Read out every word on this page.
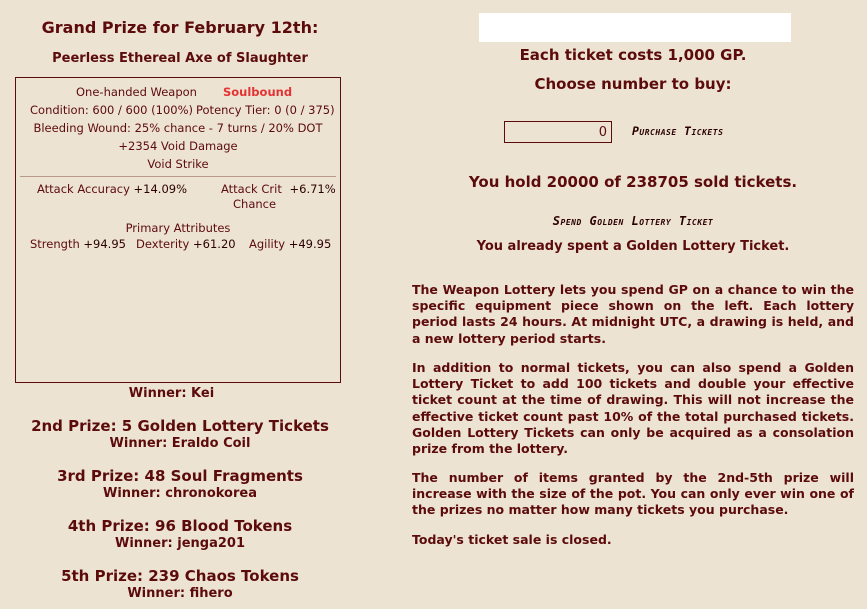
Grand Prize for February 12th:
Peerless Ethereal Axe of Slaughter
One-handed Weapon Soulbound
Condition: 600 / 600 (100%) Potency Tier: 0 (0 / 375)
Bleeding Wound: 25% chance - 7 turns / 20% DOT
+2354 Void Damage
Void Strike
Attack Accuracy +14.09%	Attack Crit +6.71%
Chance
Primary Attributes
Strength +94.95 Dexterity +61.20 Agility +49.95
Winner: Kei
2nd Prize: 5 Golden Lottery Tickets
Winner: Eraldo Coil
3rd Prize: 48 Soul Fragments
Winner: chronokorea
4th Prize: 96 Blood Tokens
Winner: jenga201
5th Prize: 239 Chaos Tokens
Winner: fihero
Each ticket costs 1,000 GP.
Choose number to buy:
0
Purchase Tickets
You hold 20000 of 238705 sold tickets.
Spend Golden Lottery Ticket
You already spent a Golden Lottery Ticket.

The Weapon Lottery lets you spend GP on a chance to win the specific equipment piece shown on the left. Each lottery period lasts 24 hours. At midnight UTC, a drawing is held, and a new lottery period starts.

In addition to normal tickets, you can also spend a Golden Lottery Ticket to add 100 tickets and double your effective ticket count at the time of drawing. This will not increase the effective ticket count past 10% of the total purchased tickets. Golden Lottery Tickets can only be acquired as a consolation prize from the lottery.

The number of items granted by the 2nd-5th prize will increase with the size of the pot. You can only ever win one of the prizes no matter how many tickets you purchase.

Today's ticket sale is closed.
